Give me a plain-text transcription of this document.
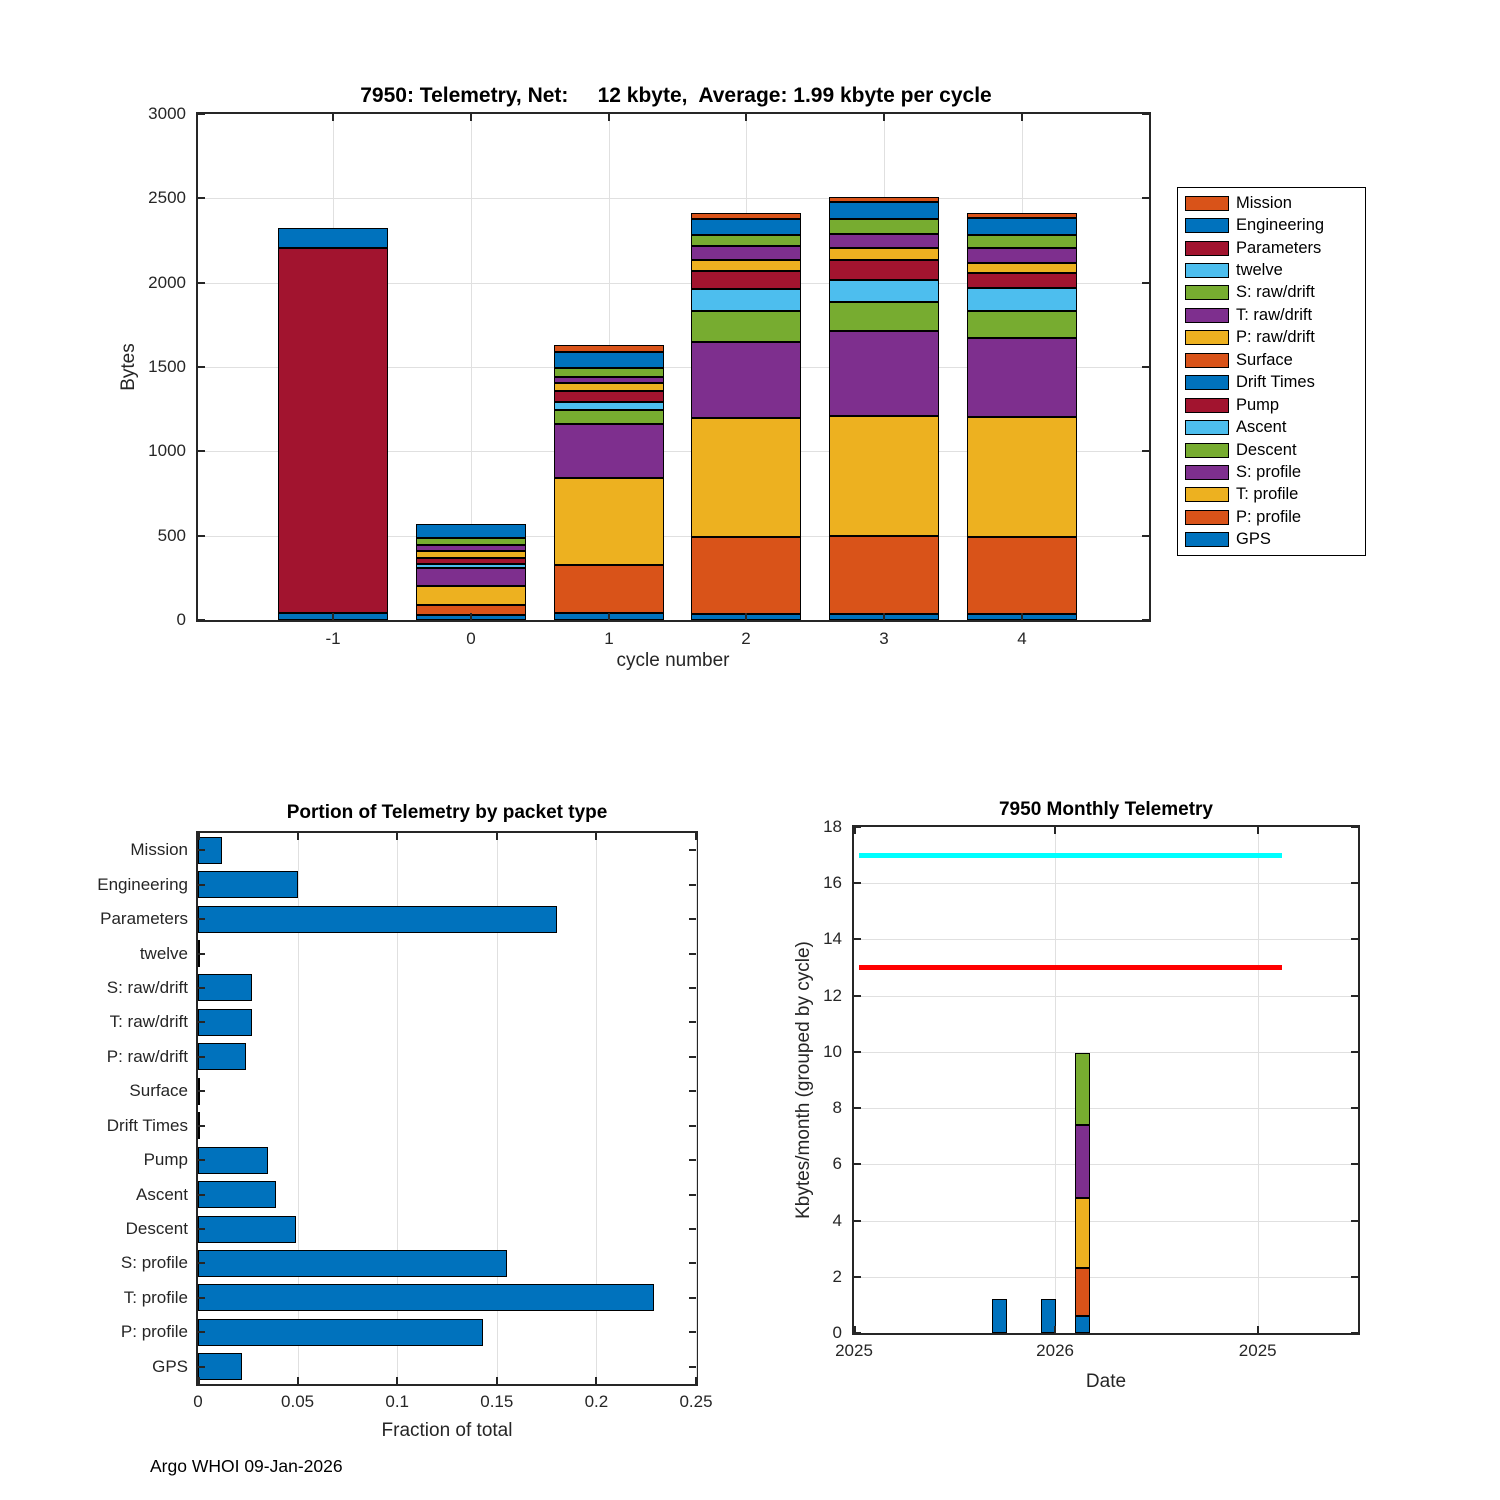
7950: Telemetry, Net:     12 kbyte,  Average: 1.99 kbyte per cycle
Bytes
0
500
1000
1500
2000
2500
3000
-1	0	1	2	3	4
cycle number
Mission
Engineering
Parameters
twelve
S: raw/drift
T: raw/drift
P: raw/drift
Surface
Drift Times
Pump
Ascent
Descent
S: profile
T: profile
P: profile
GPS
Portion of Telemetry by packet type
0	0.05	0.1	0.15	0.2	0.25
Mission
Engineering
Parameters
twelve
S: raw/drift
T: raw/drift
P: raw/drift
Surface
Drift Times
Pump
Ascent
Descent
S: profile
T: profile
P: profile
GPS
Fraction of total
7950 Monthly Telemetry
Kbytes/month (grouped by cycle)
0
2
4
6
8
10
12
14
16
18
2025	2026	2025
Date
Argo WHOI 09-Jan-2026
